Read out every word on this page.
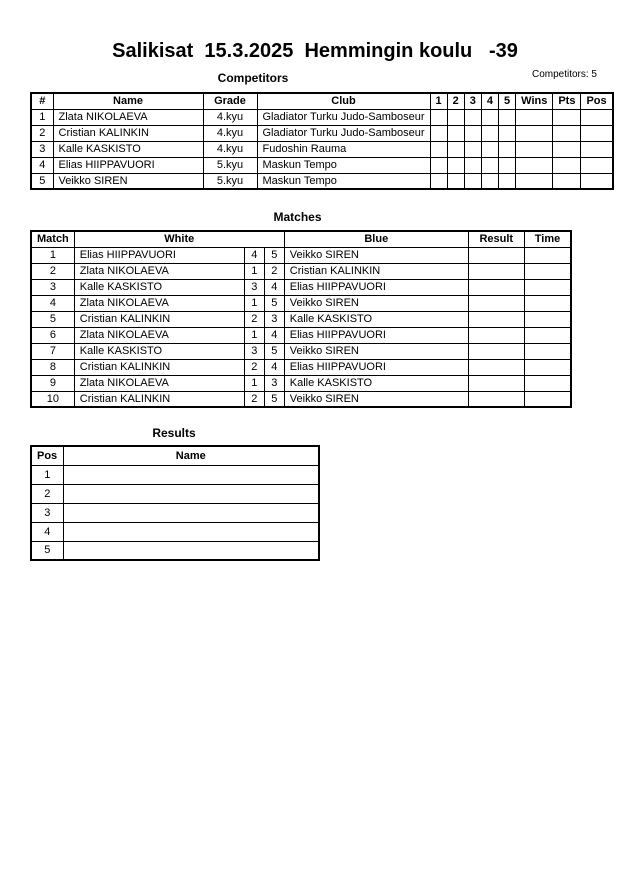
Salikisat  15.3.2025  Hemmingin koulu   -39
Competitors	Competitors: 5
#	Name	Grade	Club	1	2	3	4	5	Wins	Pts	Pos
1	Zlata NIKOLAEVA	4.kyu	Gladiator Turku Judo-Samboseur								
2	Cristian KALINKIN	4.kyu	Gladiator Turku Judo-Samboseur								
3	Kalle KASKISTO	4.kyu	Fudoshin Rauma								
4	Elias HIIPPAVUORI	5.kyu	Maskun Tempo								
5	Veikko SIREN	5.kyu	Maskun Tempo								
Matches
Match	White			Blue	Result	Time
1	Elias HIIPPAVUORI	4	5	Veikko SIREN		
2	Zlata NIKOLAEVA	1	2	Cristian KALINKIN		
3	Kalle KASKISTO	3	4	Elias HIIPPAVUORI		
4	Zlata NIKOLAEVA	1	5	Veikko SIREN		
5	Cristian KALINKIN	2	3	Kalle KASKISTO		
6	Zlata NIKOLAEVA	1	4	Elias HIIPPAVUORI		
7	Kalle KASKISTO	3	5	Veikko SIREN		
8	Cristian KALINKIN	2	4	Elias HIIPPAVUORI		
9	Zlata NIKOLAEVA	1	3	Kalle KASKISTO		
10	Cristian KALINKIN	2	5	Veikko SIREN		
Results
Pos	Name
1	
2	
3	
4	
5	
